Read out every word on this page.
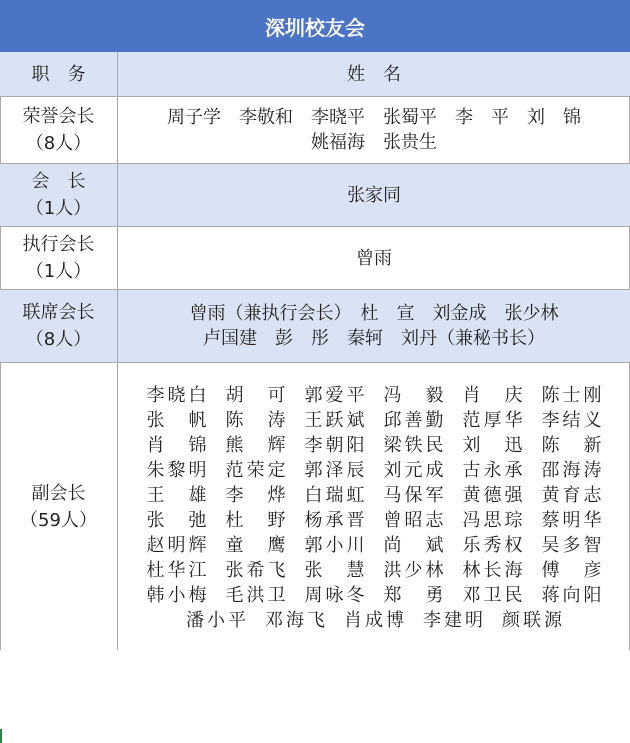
深圳校友会
职　务	姓　名
荣誉会长
（8人）
周子学　李敬和　李晓平　张蜀平　李　平　刘　锦
姚福海　张贵生
会　长
（1人）
张家同
执行会长
（1人）
曾雨
联席会长
（8人）
曾雨（兼执行会长）　杜　宣　刘金成　张少林
卢国建　彭　彤　秦轲　刘丹（兼秘书长）
副会长
（59人）
李晓白 胡可 郭爱平 冯毅 肖庆 陈士刚
张帆 陈涛 王跃斌 邱善勤 范厚华 李结义
肖锦 熊辉 李朝阳 梁铁民 刘迅 陈新
朱黎明 范荣定 郭泽辰 刘元成 古永承 邵海涛
王雄 李烨 白瑞虹 马保军 黄德强 黄育志
张弛 杜野 杨承晋 曾昭志 冯思琮 蔡明华
赵明辉 童鹰 郭小川 尚斌 乐秀权 吴多智
杜华江 张希飞 张慧 洪少林 林长海 傅彦
韩小梅 毛洪卫 周咏冬 郑勇 邓卫民 蒋向阳
潘小平 邓海飞 肖成博 李建明 颜联源
